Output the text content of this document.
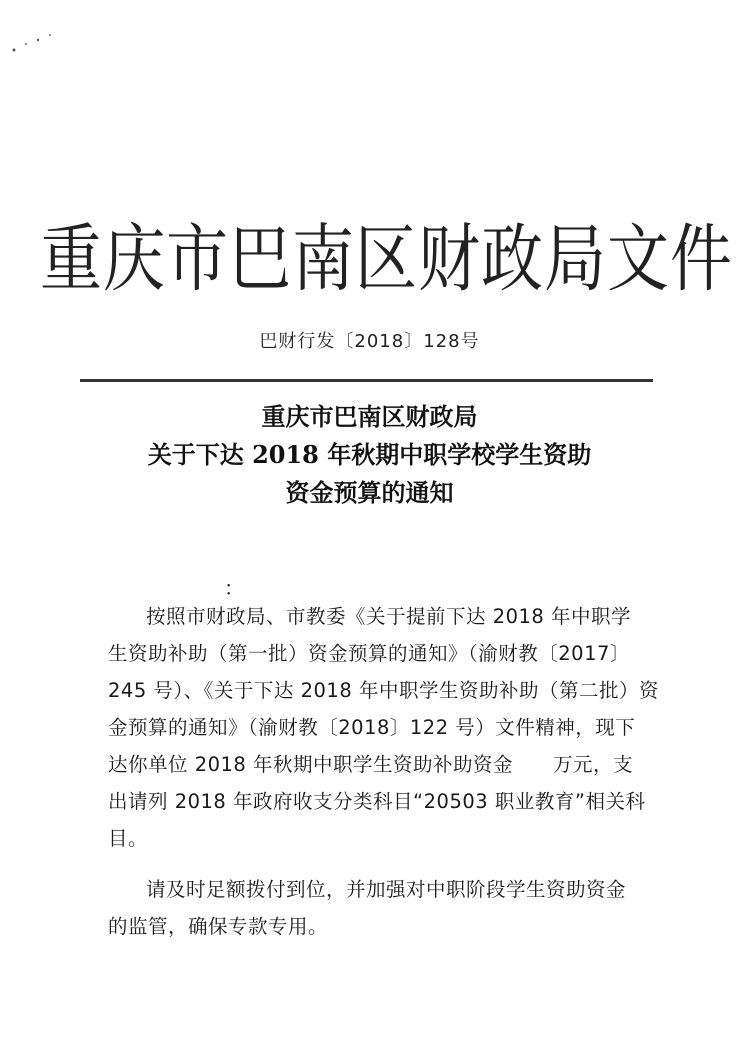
重庆市巴南区财政局文件
巴财行发〔2018〕128号
重庆市巴南区财政局
关于下达 2018 年秋期中职学校学生资助
资金预算的通知
：

按照市财政局、市教委《关于提前下达 2018 年中职学
生资助补助（第一批）资金预算的通知》（渝财教〔2017〕
245 号）、《关于下达 2018 年中职学生资助补助（第二批）资
金预算的通知》（渝财教〔2018〕122 号）文件精神，现下
达你单位 2018 年秋期中职学生资助补助资金　　万元，支
出请列 2018 年政府收支分类科目“20503 职业教育”相关科
目。

请及时足额拨付到位，并加强对中职阶段学生资助资金
的监管，确保专款专用。
